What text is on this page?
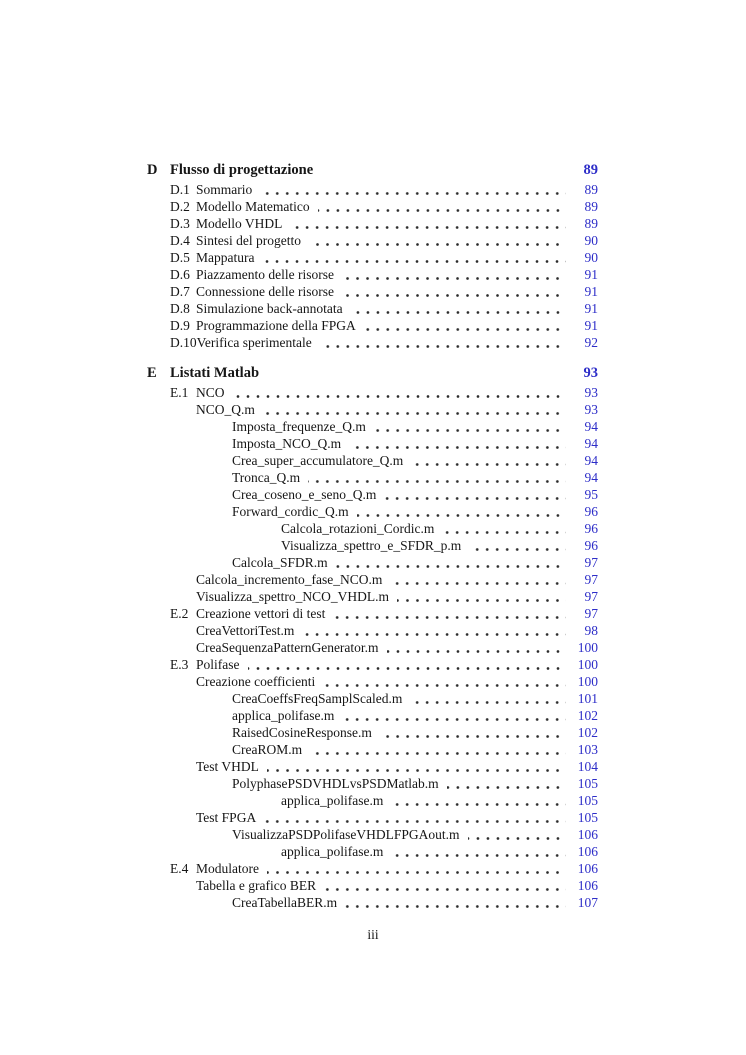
D Flusso di progettazione	89
D.1 Sommario	89
D.2 Modello Matematico	89
D.3 Modello VHDL	89
D.4 Sintesi del progetto	90
D.5 Mappatura	90
D.6 Piazzamento delle risorse	91
D.7 Connessione delle risorse	91
D.8 Simulazione back-annotata	91
D.9 Programmazione della FPGA	91
D.10 Verifica sperimentale	92
E Listati Matlab	93
E.1 NCO	93
NCO_Q.m	93
Imposta_frequenze_Q.m	94
Imposta_NCO_Q.m	94
Crea_super_accumulatore_Q.m	94
Tronca_Q.m	94
Crea_coseno_e_seno_Q.m	95
Forward_cordic_Q.m	96
Calcola_rotazioni_Cordic.m	96
Visualizza_spettro_e_SFDR_p.m	96
Calcola_SFDR.m	97
Calcola_incremento_fase_NCO.m	97
Visualizza_spettro_NCO_VHDL.m	97
E.2 Creazione vettori di test	97
CreaVettoriTest.m	98
CreaSequenzaPatternGenerator.m	100
E.3 Polifase	100
Creazione coefficienti	100
CreaCoeffsFreqSamplScaled.m	101
applica_polifase.m	102
RaisedCosineResponse.m	102
CreaROM.m	103
Test VHDL	104
PolyphasePSDVHDLvsPSDMatlab.m	105
applica_polifase.m	105
Test FPGA	105
VisualizzaPSDPolifaseVHDLFPGAout.m	106
applica_polifase.m	106
E.4 Modulatore	106
Tabella e grafico BER	106
CreaTabellaBER.m	107
iii
